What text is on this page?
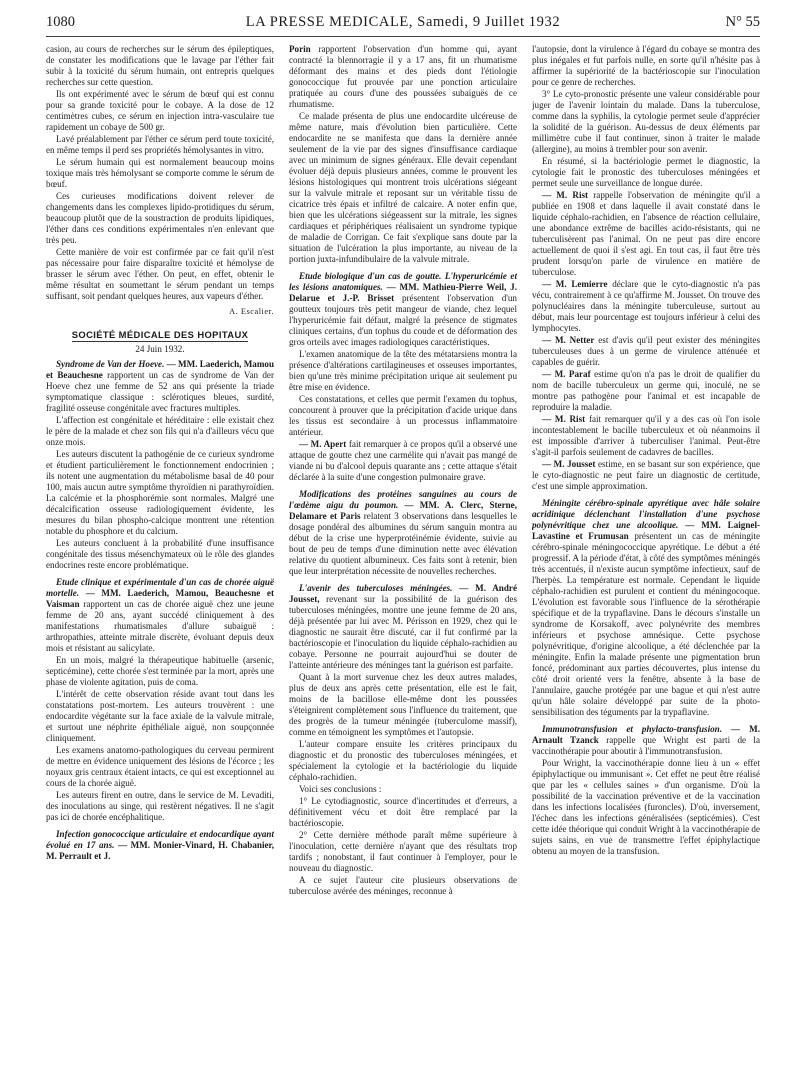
1080	LA PRESSE MEDICALE, Samedi, 9 Juillet 1932	N° 55

casion, au cours de recherches sur le sérum des épileptiques, de constater les modifications que le lavage par l'éther fait subir à la toxicité du sérum humain, ont entrepris quelques recherches sur cette question.

Ils ont expérimenté avec le sérum de bœuf qui est connu pour sa grande toxicité pour le cobaye. A la dose de 12 centimètres cubes, ce sérum en injection intra-vasculaire tue rapidement un cobaye de 500 gr.

Lavé préalablement par l'éther ce sérum perd toute toxicité, en même temps il perd ses propriétés hémolysantes in vitro.

Le sérum humain qui est normalement beaucoup moins toxique mais très hémolysant se comporte comme le sérum de bœuf.

Ces curieuses modifications doivent relever de changements dans les complexes lipido-protidiques du sérum, beaucoup plutôt que de la soustraction de produits lipidiques, l'éther dans ces conditions expérimentales n'en enlevant que très peu.

Cette manière de voir est confirmée par ce fait qu'il n'est pas nécessaire pour faire disparaître toxicité et hémolyse de brasser le sérum avec l'éther. On peut, en effet, obtenir le même résultat en soumettant le sérum pendant un temps suffisant, soit pendant quelques heures, aux vapeurs d'éther.

A. Escalier.

SOCIÉTÉ MÉDICALE DES HOPITAUX

24 Juin 1932.

Syndrome de Van der Hoeve. — MM. Laederich, Mamou et Beauchesne rapportent un cas de syndrome de Van der Hoeve chez une femme de 52 ans qui présente la triade symptomatique classique : sclérotiques bleues, surdité, fragilité osseuse congénitale avec fractures multiples.

L'affection est congénitale et héréditaire : elle existait chez le père de la malade et chez son fils qui n'a d'ailleurs vécu que onze mois.

Les auteurs discutent la pathogénie de ce curieux syndrome et étudient particulièrement le fonctionnement endocrinien ; ils notent une augmentation du métabolisme basal de 40 pour 100, mais aucun autre symptôme thyroïdien ni parathyroïdien. La calcémie et la phosphorémie sont normales. Malgré une décalcification osseuse radiologiquement évidente, les mesures du bilan phospho-calcique montrent une rétention notable du phosphore et du calcium.

Les auteurs concluent à la probabilité d'une insuffisance congénitale des tissus mésenchymateux où le rôle des glandes endocrines reste encore problématique.

Etude clinique et expérimentale d'un cas de chorée aiguë mortelle. — MM. Laederich, Mamou, Beauchesne et Vaisman rapportent un cas de chorée aiguë chez une jeune femme de 20 ans, ayant succédé cliniquement à des manifestations rhumatismales d'allure subaiguë : arthropathies, atteinte mitrale discrète, évoluant depuis deux mois et résistant au salicylate.

En un mois, malgré la thérapeutique habituelle (arsenic, septicémine), cette chorée s'est terminée par la mort, après une phase de violente agitation, puis de coma.

L'intérêt de cette observation réside avant tout dans les constatations post-mortem. Les auteurs trouvèrent : une endocardite végétante sur la face axiale de la valvule mitrale, et surtout une néphrite épithéliale aiguë, non soupçonnée cliniquement.

Les examens anatomo-pathologiques du cerveau permirent de mettre en évidence uniquement des lésions de l'écorce ; les noyaux gris centraux étaient intacts, ce qui est exceptionnel au cours de la chorée aiguë.

Les auteurs firent en outre, dans le service de M. Levaditi, des inoculations au singe, qui restèrent négatives. Il ne s'agit pas ici de chorée encéphalitique.

Infection gonococcique articulaire et endocardique ayant évolué en 17 ans. — MM. Monier-Vinard, H. Chabanier, M. Perrault et J.

Porin rapportent l'observation d'un homme qui, ayant contracté la blennorragie il y a 17 ans, fit un rhumatisme déformant des mains et des pieds dont l'étiologie gonococcique fut prouvée par une ponction articulaire pratiquée au cours d'une des poussées subaiguës de ce rhumatisme.

Ce malade présenta de plus une endocardite ulcéreuse de même nature, mais d'évolution bien particulière. Cette endocardite ne se manifesta que dans la dernière année seulement de la vie par des signes d'insuffisance cardiaque avec un minimum de signes généraux. Elle devait cependant évoluer déjà depuis plusieurs années, comme le prouvent les lésions histologiques qui montrent trois ulcérations siégeant sur la valvule mitrale et reposant sur un véritable tissu de cicatrice très épais et infiltré de calcaire. A noter enfin que, bien que les ulcérations siégeassent sur la mitrale, les signes cardiaques et périphériques réalisaient un syndrome typique de maladie de Corrigan. Ce fait s'explique sans doute par la situation de l'ulcération la plus importante, au niveau de la portion juxta-infundibulaire de la valvule mitrale.

Etude biologique d'un cas de goutte. L'hyperuricémie et les lésions anatomiques. — MM. Mathieu-Pierre Weil, J. Delarue et J.-P. Brisset présentent l'observation d'un goutteux toujours très petit mangeur de viande, chez lequel l'hyperuricémie fait défaut, malgré la présence de stigmates cliniques certains, d'un tophus du coude et de déformation des gros orteils avec images radiologiques caractéristiques.

L'examen anatomique de la tête des métatarsiens montra la présence d'altérations cartilagineuses et osseuses importantes, bien qu'une très minime précipitation urique ait seulement pu être mise en évidence.

Ces constatations, et celles que permit l'examen du tophus, concourent à prouver que la précipitation d'acide urique dans les tissus est secondaire à un processus inflammatoire antérieur.

— M. Apert fait remarquer à ce propos qu'il a observé une attaque de goutte chez une carmélite qui n'avait pas mangé de viande ni bu d'alcool depuis quarante ans ; cette attaque s'était déclarée à la suite d'une congestion pulmonaire grave.

Modifications des protéines sanguines au cours de l'œdème aigu du poumon. — MM. A. Clerc, Sterne, Delamare et Paris relatent 3 observations dans lesquelles le dosage pondéral des albumines du sérum sanguin montra au début de la crise une hyperprotéinémie évidente, suivie au bout de peu de temps d'une diminution nette avec élévation relative du quotient albumineux. Ces faits sont à retenir, bien que leur interprétation nécessite de nouvelles recherches.

L'avenir des tuberculoses méningées. — M. André Jousset, revenant sur la possibilité de la guérison des tuberculoses méningées, montre une jeune femme de 20 ans, déjà présentée par lui avec M. Périsson en 1929, chez qui le diagnostic ne saurait être discuté, car il fut confirmé par la bactérioscopie et l'inoculation du liquide céphalo-rachidien au cobaye. Personne ne pourrait aujourd'hui se douter de l'atteinte antérieure des méninges tant la guérison est parfaite.

Quant à la mort survenue chez les deux autres malades, plus de deux ans après cette présentation, elle est le fait, moins de la bacillose elle-même dont les poussées s'éteignirent complètement sous l'influence du traitement, que des progrès de la tumeur méningée (tuberculome massif), comme en témoignent les symptômes et l'autopsie.

L'auteur compare ensuite les critères principaux du diagnostic et du pronostic des tuberculoses méningées, et spécialement la cytologie et la bactériologie du liquide céphalo-rachidien.

Voici ses conclusions :

1° Le cytodiagnostic, source d'incertitudes et d'erreurs, a définitivement vécu et doit être remplacé par la bactérioscopie.

2° Cette dernière méthode paraît même supérieure à l'inoculation, cette dernière n'ayant que des résultats trop tardifs ; nonobstant, il faut continuer à l'employer, pour le nouveau du diagnostic.

A ce sujet l'auteur cite plusieurs observations de tuberculose avérée des méninges, reconnue à

l'autopsie, dont la virulence à l'égard du cobaye se montra des plus inégales et fut parfois nulle, en sorte qu'il n'hésite pas à affirmer la supériorité de la bactérioscopie sur l'inoculation pour ce genre de recherches.

3° Le cyto-pronostic présente une valeur considérable pour juger de l'avenir lointain du malade. Dans la tuberculose, comme dans la syphilis, la cytologie permet seule d'apprécier la solidité de la guérison. Au-dessus de deux éléments par millimètre cube il faut continuer, sinon à traiter le malade (allergine), au moins à trembler pour son avenir.

En résumé, si la bactériologie permet le diagnostic, la cytologie fait le pronostic des tuberculoses méningées et permet seule une surveillance de longue durée.

— M. Rist rappelle l'observation de méningite qu'il a publiée en 1908 et dans laquelle il avait constaté dans le liquide céphalo-rachidien, en l'absence de réaction cellulaire, une abondance extrême de bacilles acido-résistants, qui ne tuberculisèrent pas l'animal. On ne peut pas dire encore actuellement de quoi il s'est agi. En tout cas, il faut être très prudent lorsqu'on parle de virulence en matière de tuberculose.

— M. Lemierre déclare que le cyto-diagnostic n'a pas vécu, contrairement à ce qu'affirme M. Jousset. On trouve des polynucléaires dans la méningite tuberculeuse, surtout au début, mais leur pourcentage est toujours inférieur à celui des lymphocytes.

— M. Netter est d'avis qu'il peut exister des méningites tuberculeuses dues à un germe de virulence atténuée et capables de guérir.

— M. Paraf estime qu'on n'a pas le droit de qualifier du nom de bacille tuberculeux un germe qui, inoculé, ne se montre pas pathogène pour l'animal et est incapable de reproduire la maladie.

— M. Rist fait remarquer qu'il y a des cas où l'on isole incontestablement le bacille tuberculeux et où néanmoins il est impossible d'arriver à tuberculiser l'animal. Peut-être s'agit-il parfois seulement de cadavres de bacilles.

— M. Jousset estime, en se basant sur son expérience, que le cyto-diagnostic ne peut faire un diagnostic de certitude, c'est une simple approximation.

Méningite cérébro-spinale apyrétique avec hâle solaire acridinique déclenchant l'installation d'une psychose polynévritique chez une alcoolique. — MM. Laignel-Lavastine et Frumusan présentent un cas de méningite cérébro-spinale méningococcique apyrétique. Le début a été progressif. A la période d'état, à côté des symptômes méningés très accentués, il n'existe aucun symptôme infectieux, sauf de l'herpès. La température est normale. Cependant le liquide céphalo-rachidien est purulent et contient du méningocoque. L'évolution est favorable sous l'influence de la sérothérapie spécifique et de la trypaflavine. Dans le décours s'installe un syndrome de Korsakoff, avec polynévrite des membres inférieurs et psychose amnésique. Cette psychose polynévritique, d'origine alcoolique, a été déclenchée par la méningite. Enfin la malade présente une pigmentation brun foncé, prédominant aux parties découvertes, plus intense du côté droit orienté vers la fenêtre, absente à la base de l'annulaire, gauche protégée par une bague et qui n'est autre qu'un hâle solaire développé par suite de la photo-sensibilisation des téguments par la trypaflavine.

Immunotransfusion et phylacto-transfusion. — M. Arnault Tzanck rappelle que Wright est parti de la vaccinothérapie pour aboutir à l'immunotransfusion.

Pour Wright, la vaccinothérapie donne lieu à un « effet épiphylactique ou immunisant ». Cet effet ne peut être réalisé que par les « cellules saines » d'un organisme. D'où la possibilité de la vaccination préventive et de la vaccination dans les infections localisées (furoncles). D'où, inversement, l'échec dans les infections généralisées (septicémies). C'est cette idée théorique qui conduit Wright à la vaccinothérapie de sujets sains, en vue de transmettre l'effet épiphylactique obtenu au moyen de la transfusion.
